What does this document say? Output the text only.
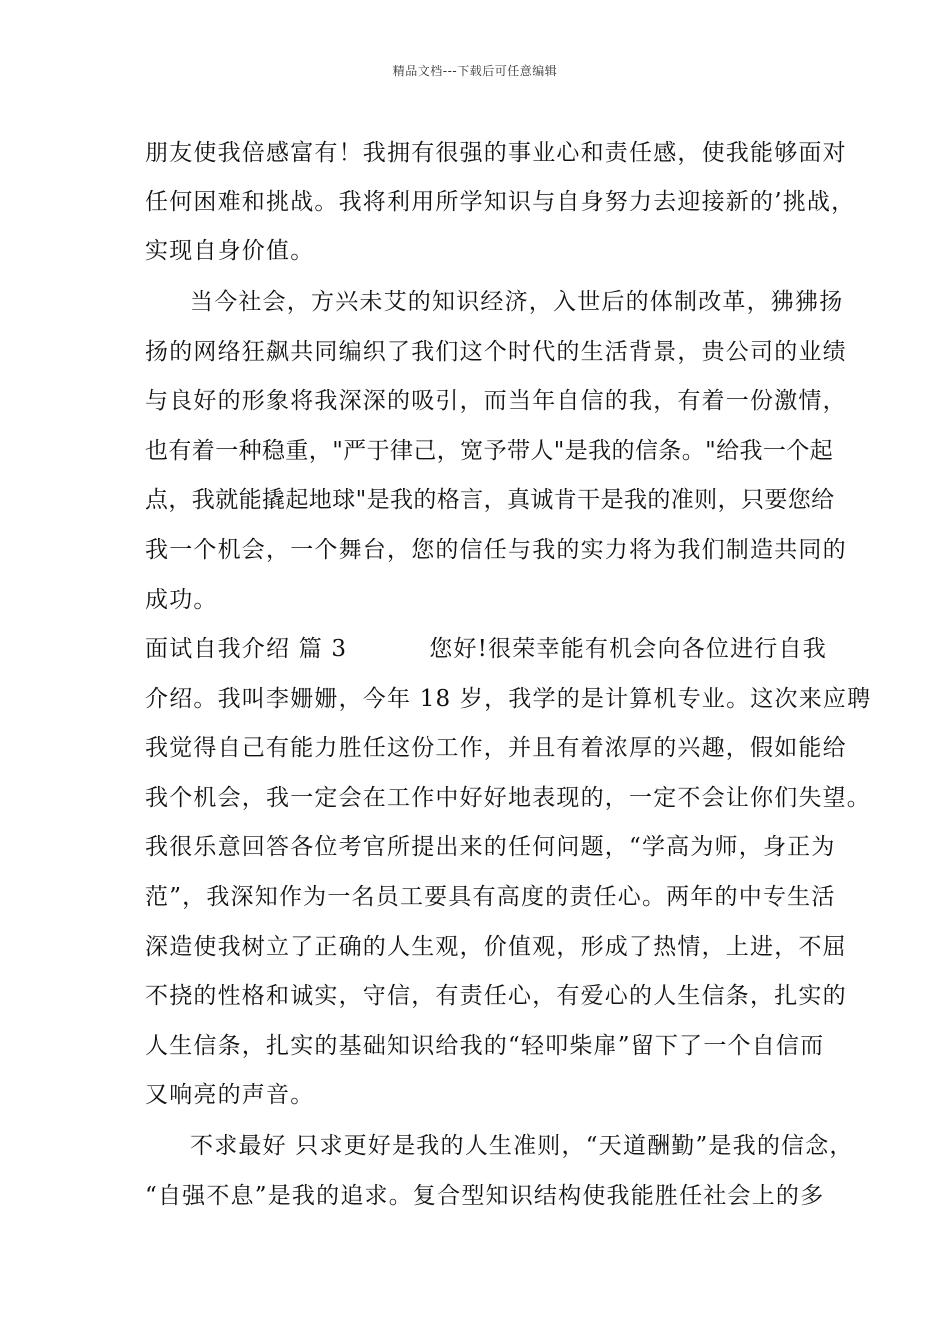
精品文档---下载后可任意编辑
朋友使我倍感富有！我拥有很强的事业心和责任感，使我能够面对
任何困难和挑战。我将利用所学知识与自身努力去迎接新的’挑战，
实现自身价值。
当今社会，方兴未艾的知识经济，入世后的体制改革，狒狒扬
扬的网络狂飙共同编织了我们这个时代的生活背景，贵公司的业绩
与良好的形象将我深深的吸引，而当年自信的我，有着一份激情，
也有着一种稳重，"严于律己，宽予带人"是我的信条。"给我一个起
点，我就能撬起地球"是我的格言，真诚肯干是我的准则，只要您给
我一个机会，一个舞台，您的信任与我的实力将为我们制造共同的
成功。
面试自我介绍 篇 3	您好!很荣幸能有机会向各位进行自我
介绍。我叫李姗姗，今年 18 岁，我学的是计算机专业。这次来应聘
我觉得自己有能力胜任这份工作，并且有着浓厚的兴趣，假如能给
我个机会，我一定会在工作中好好地表现的，一定不会让你们失望。
我很乐意回答各位考官所提出来的任何问题，“学高为师，身正为
范”，我深知作为一名员工要具有高度的责任心。两年的中专生活
深造使我树立了正确的人生观，价值观，形成了热情，上进，不屈
不挠的性格和诚实，守信，有责任心，有爱心的人生信条，扎实的
人生信条，扎实的基础知识给我的“轻叩柴扉”留下了一个自信而
又响亮的声音。
不求最好 只求更好是我的人生准则，“天道酬勤”是我的信念，
“自强不息”是我的追求。复合型知识结构使我能胜任社会上的多
